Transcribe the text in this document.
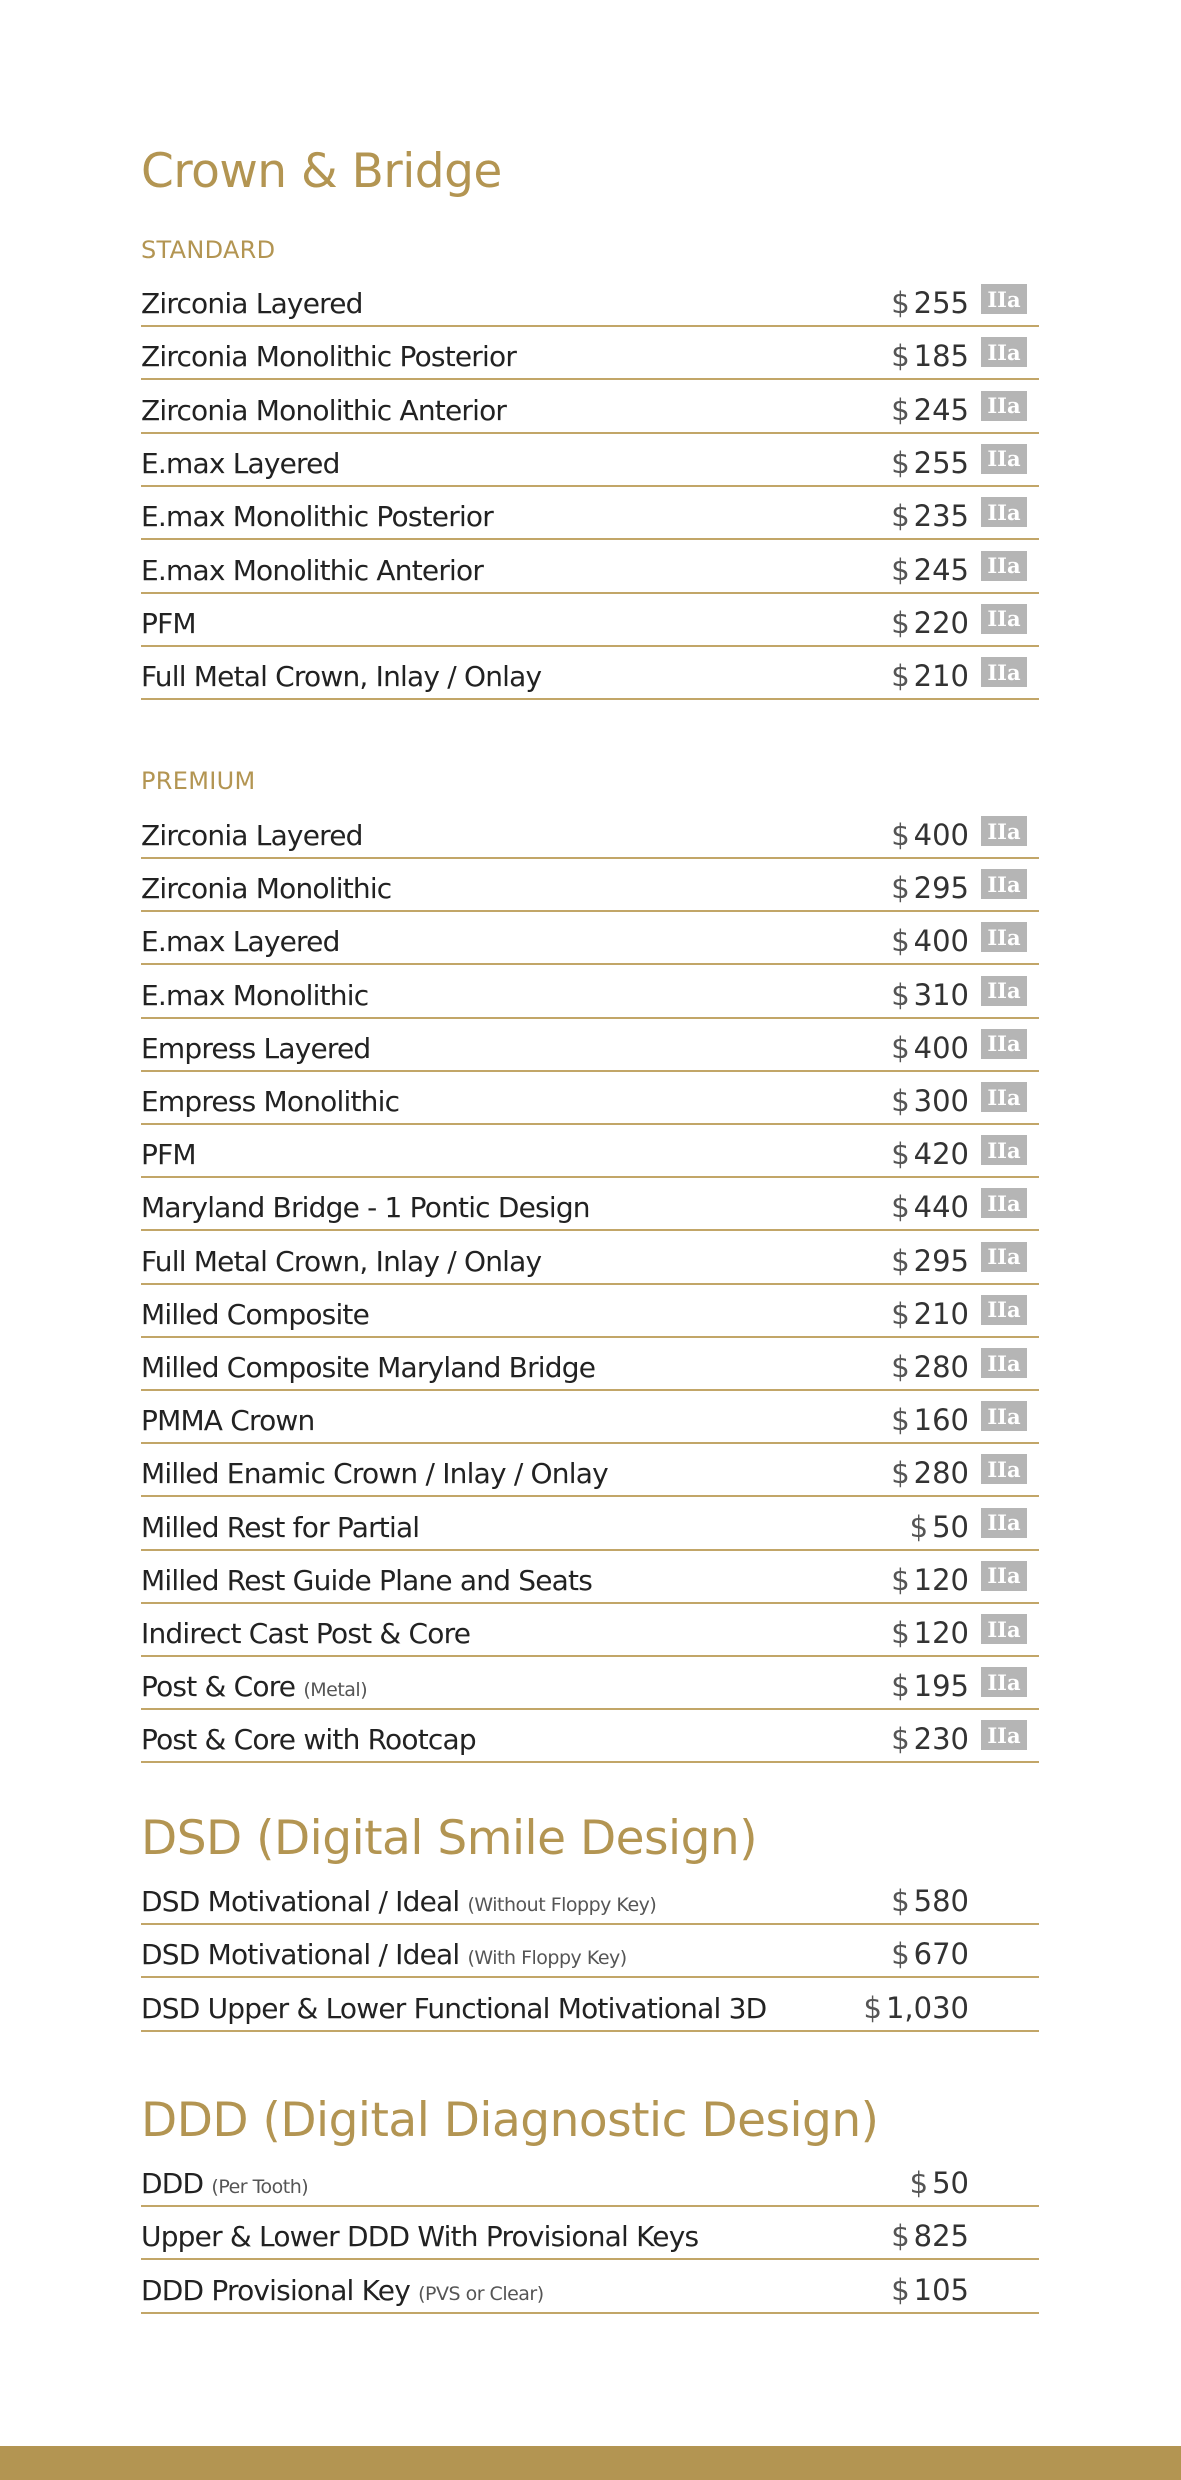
Crown & Bridge
STANDARD
Zirconia Layered	$ 255 IIa
Zirconia Monolithic Posterior	$ 185 IIa
Zirconia Monolithic Anterior	$ 245 IIa
E.max Layered	$ 255 IIa
E.max Monolithic Posterior	$ 235 IIa
E.max Monolithic Anterior	$ 245 IIa
PFM	$ 220 IIa
Full Metal Crown, Inlay / Onlay	$ 210 IIa
PREMIUM
Zirconia Layered	$ 400 IIa
Zirconia Monolithic	$ 295 IIa
E.max Layered	$ 400 IIa
E.max Monolithic	$ 310 IIa
Empress Layered	$ 400 IIa
Empress Monolithic	$ 300 IIa
PFM	$ 420 IIa
Maryland Bridge - 1 Pontic Design	$ 440 IIa
Full Metal Crown, Inlay / Onlay	$ 295 IIa
Milled Composite	$ 210 IIa
Milled Composite Maryland Bridge	$ 280 IIa
PMMA Crown	$ 160 IIa
Milled Enamic Crown / Inlay / Onlay	$ 280 IIa
Milled Rest for Partial	$ 50 IIa
Milled Rest Guide Plane and Seats	$ 120 IIa
Indirect Cast Post & Core	$ 120 IIa
Post & Core (Metal)	$ 195 IIa
Post & Core with Rootcap	$ 230 IIa
DSD (Digital Smile Design)
DSD Motivational / Ideal (Without Floppy Key)	$ 580
DSD Motivational / Ideal (With Floppy Key)	$ 670
DSD Upper & Lower Functional Motivational 3D	$ 1,030
DDD (Digital Diagnostic Design)
DDD (Per Tooth)	$ 50
Upper & Lower DDD With Provisional Keys	$ 825
DDD Provisional Key (PVS or Clear)	$ 105
